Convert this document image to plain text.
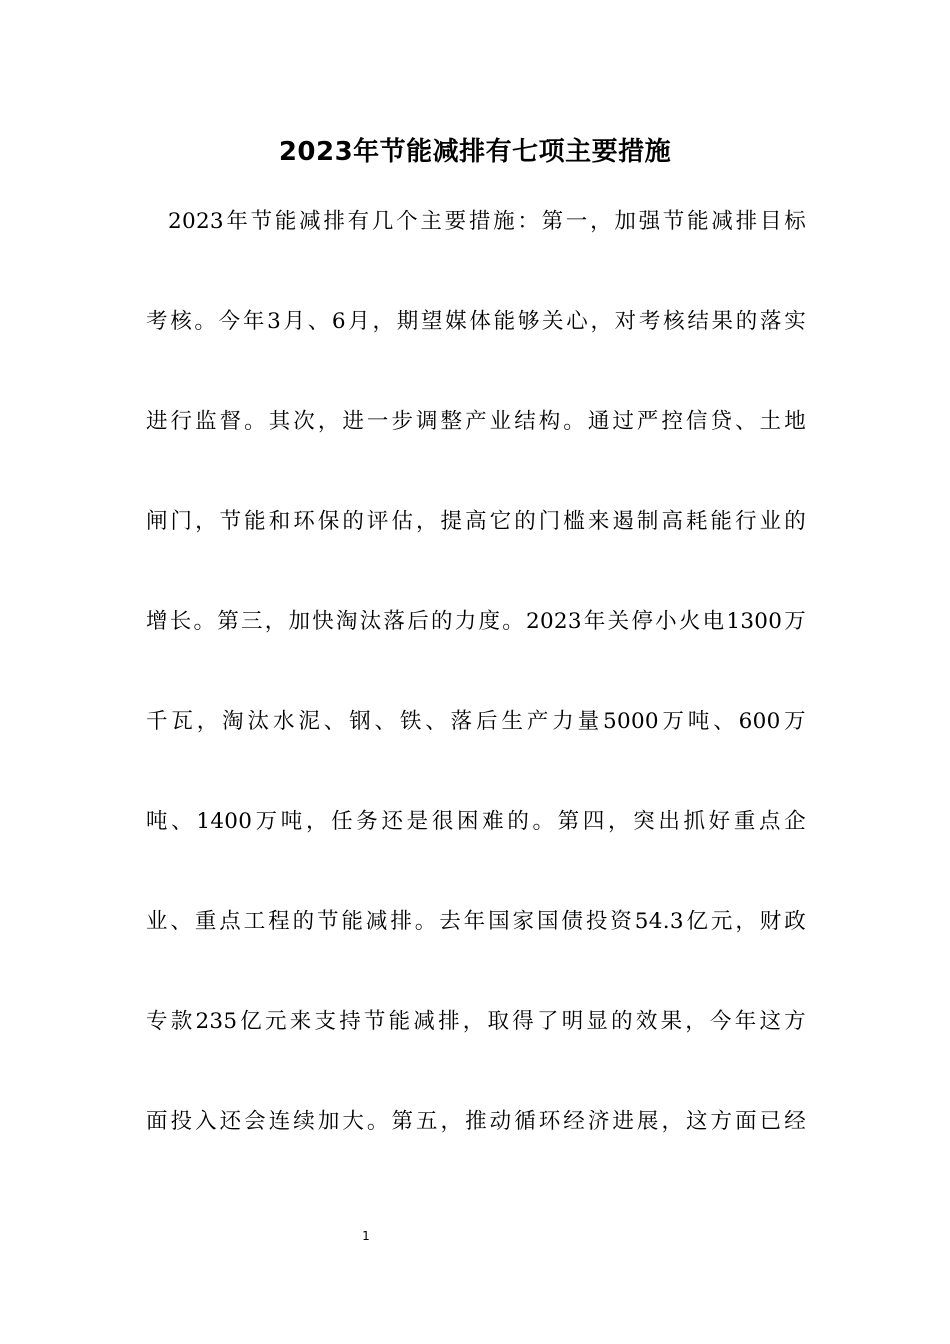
2023年节能减排有七项主要措施
2023年节能减排有几个主要措施：第一，加强节能减排目标
考核。今年3月、6月，期望媒体能够关心，对考核结果的落实
进行监督。其次，进一步调整产业结构。通过严控信贷、土地
闸门，节能和环保的评估，提高它的门槛来遏制高耗能行业的
增长。第三，加快淘汰落后的力度。2023年关停小火电1300万
千瓦，淘汰水泥、钢、铁、落后生产力量5000万吨、600万
吨、1400万吨，任务还是很困难的。第四，突出抓好重点企
业、重点工程的节能减排。去年国家国债投资54.3亿元，财政
专款235亿元来支持节能减排，取得了明显的效果，今年这方
面投入还会连续加大。第五，推动循环经济进展，这方面已经
1
